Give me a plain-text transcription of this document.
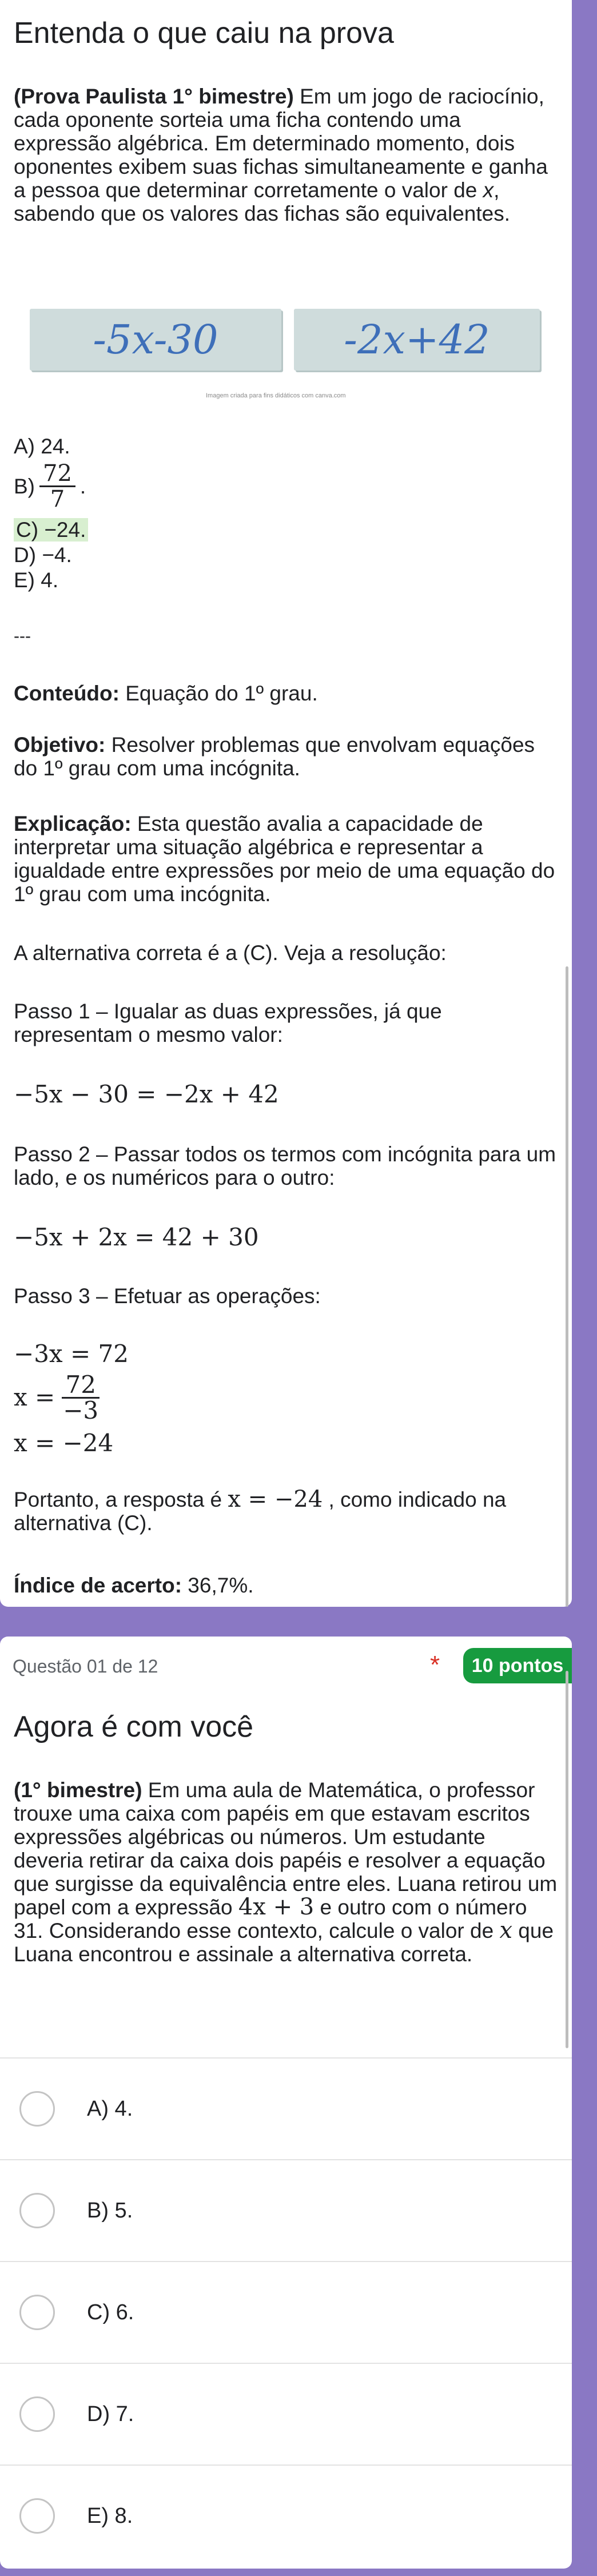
Entenda o que caiu na prova
(Prova Paulista 1° bimestre) Em um jogo de raciocínio, cada oponente sorteia uma ficha contendo uma expressão algébrica. Em determinado momento, dois oponentes exibem suas fichas simultaneamente e ganha a pessoa que determinar corretamente o valor de x, sabendo que os valores das fichas são equivalentes.
-5x-30	-2x+42
Imagem criada para fins didáticos com canva.com
A) 24.
$B) \frac{72}{7}$ .
C) −24.
D) −4.
E) 4.
---
Conteúdo: Equação do 1º grau.
Objetivo: Resolver problemas que envolvam equações do 1º grau com uma incógnita.
Explicação: Esta questão avalia a capacidade de interpretar uma situação algébrica e representar a igualdade entre expressões por meio de uma equação do 1º grau com uma incógnita.
A alternativa correta é a (C). Veja a resolução:
Passo 1 – Igualar as duas expressões, já que representam o mesmo valor:
−5x − 30 = −2x + 42
Passo 2 – Passar todos os termos com incógnita para um lado, e os numéricos para o outro:
−5x + 2x = 42 + 30
Passo 3 – Efetuar as operações:
−3x = 72
$x = \frac{72}{-3}$
x = −24
Portanto, a resposta é x = −24 , como indicado na alternativa (C).
Índice de acerto: 36,7%.
Questão 01 de 12	*	10 pontos
Agora é com você
(1° bimestre) Em uma aula de Matemática, o professor trouxe uma caixa com papéis em que estavam escritos expressões algébricas ou números. Um estudante deveria retirar da caixa dois papéis e resolver a equação que surgisse da equivalência entre eles. Luana retirou um papel com a expressão 4x + 3 e outro com o número 31. Considerando esse contexto, calcule o valor de x que Luana encontrou e assinale a alternativa correta.
A) 4.
B) 5.
C) 6.
D) 7.
E) 8.
